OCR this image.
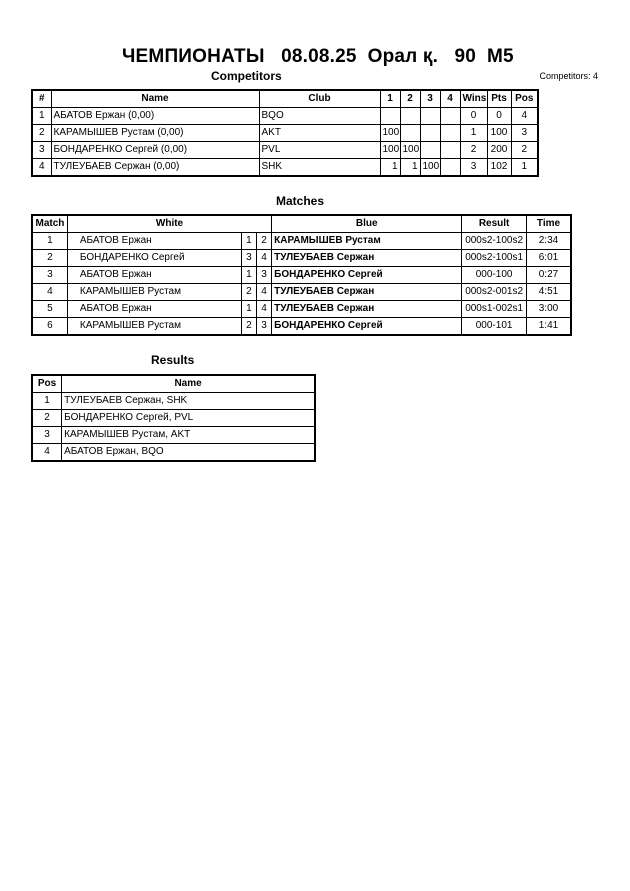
ЧЕМПИОНАТЫ   08.08.25  Орал қ.   90  M5
Competitors	Competitors: 4
#	Name	Club	1	2	3	4	Wins	Pts	Pos
1	АБАТОВ Ержан (0,00)	BQO					0	0	4
2	КАРАМЫШЕВ Рустам (0,00)	AKT	100				1	100	3
3	БОНДАРЕНКО Сергей (0,00)	PVL	100	100			2	200	2
4	ТУЛЕУБАЕВ Сержан (0,00)	SHK	1	1	100		3	102	1
Matches
Match	White			Blue	Result	Time
1	АБАТОВ Ержан	1	2	КАРАМЫШЕВ Рустам	000s2-100s2	2:34
2	БОНДАРЕНКО Сергей	3	4	ТУЛЕУБАЕВ Сержан	000s2-100s1	6:01
3	АБАТОВ Ержан	1	3	БОНДАРЕНКО Сергей	000-100	0:27
4	КАРАМЫШЕВ Рустам	2	4	ТУЛЕУБАЕВ Сержан	000s2-001s2	4:51
5	АБАТОВ Ержан	1	4	ТУЛЕУБАЕВ Сержан	000s1-002s1	3:00
6	КАРАМЫШЕВ Рустам	2	3	БОНДАРЕНКО Сергей	000-101	1:41
Results
Pos	Name
1	ТУЛЕУБАЕВ Сержан, SHK
2	БОНДАРЕНКО Сергей, PVL
3	КАРАМЫШЕВ Рустам, AKT
4	АБАТОВ Ержан, BQO
